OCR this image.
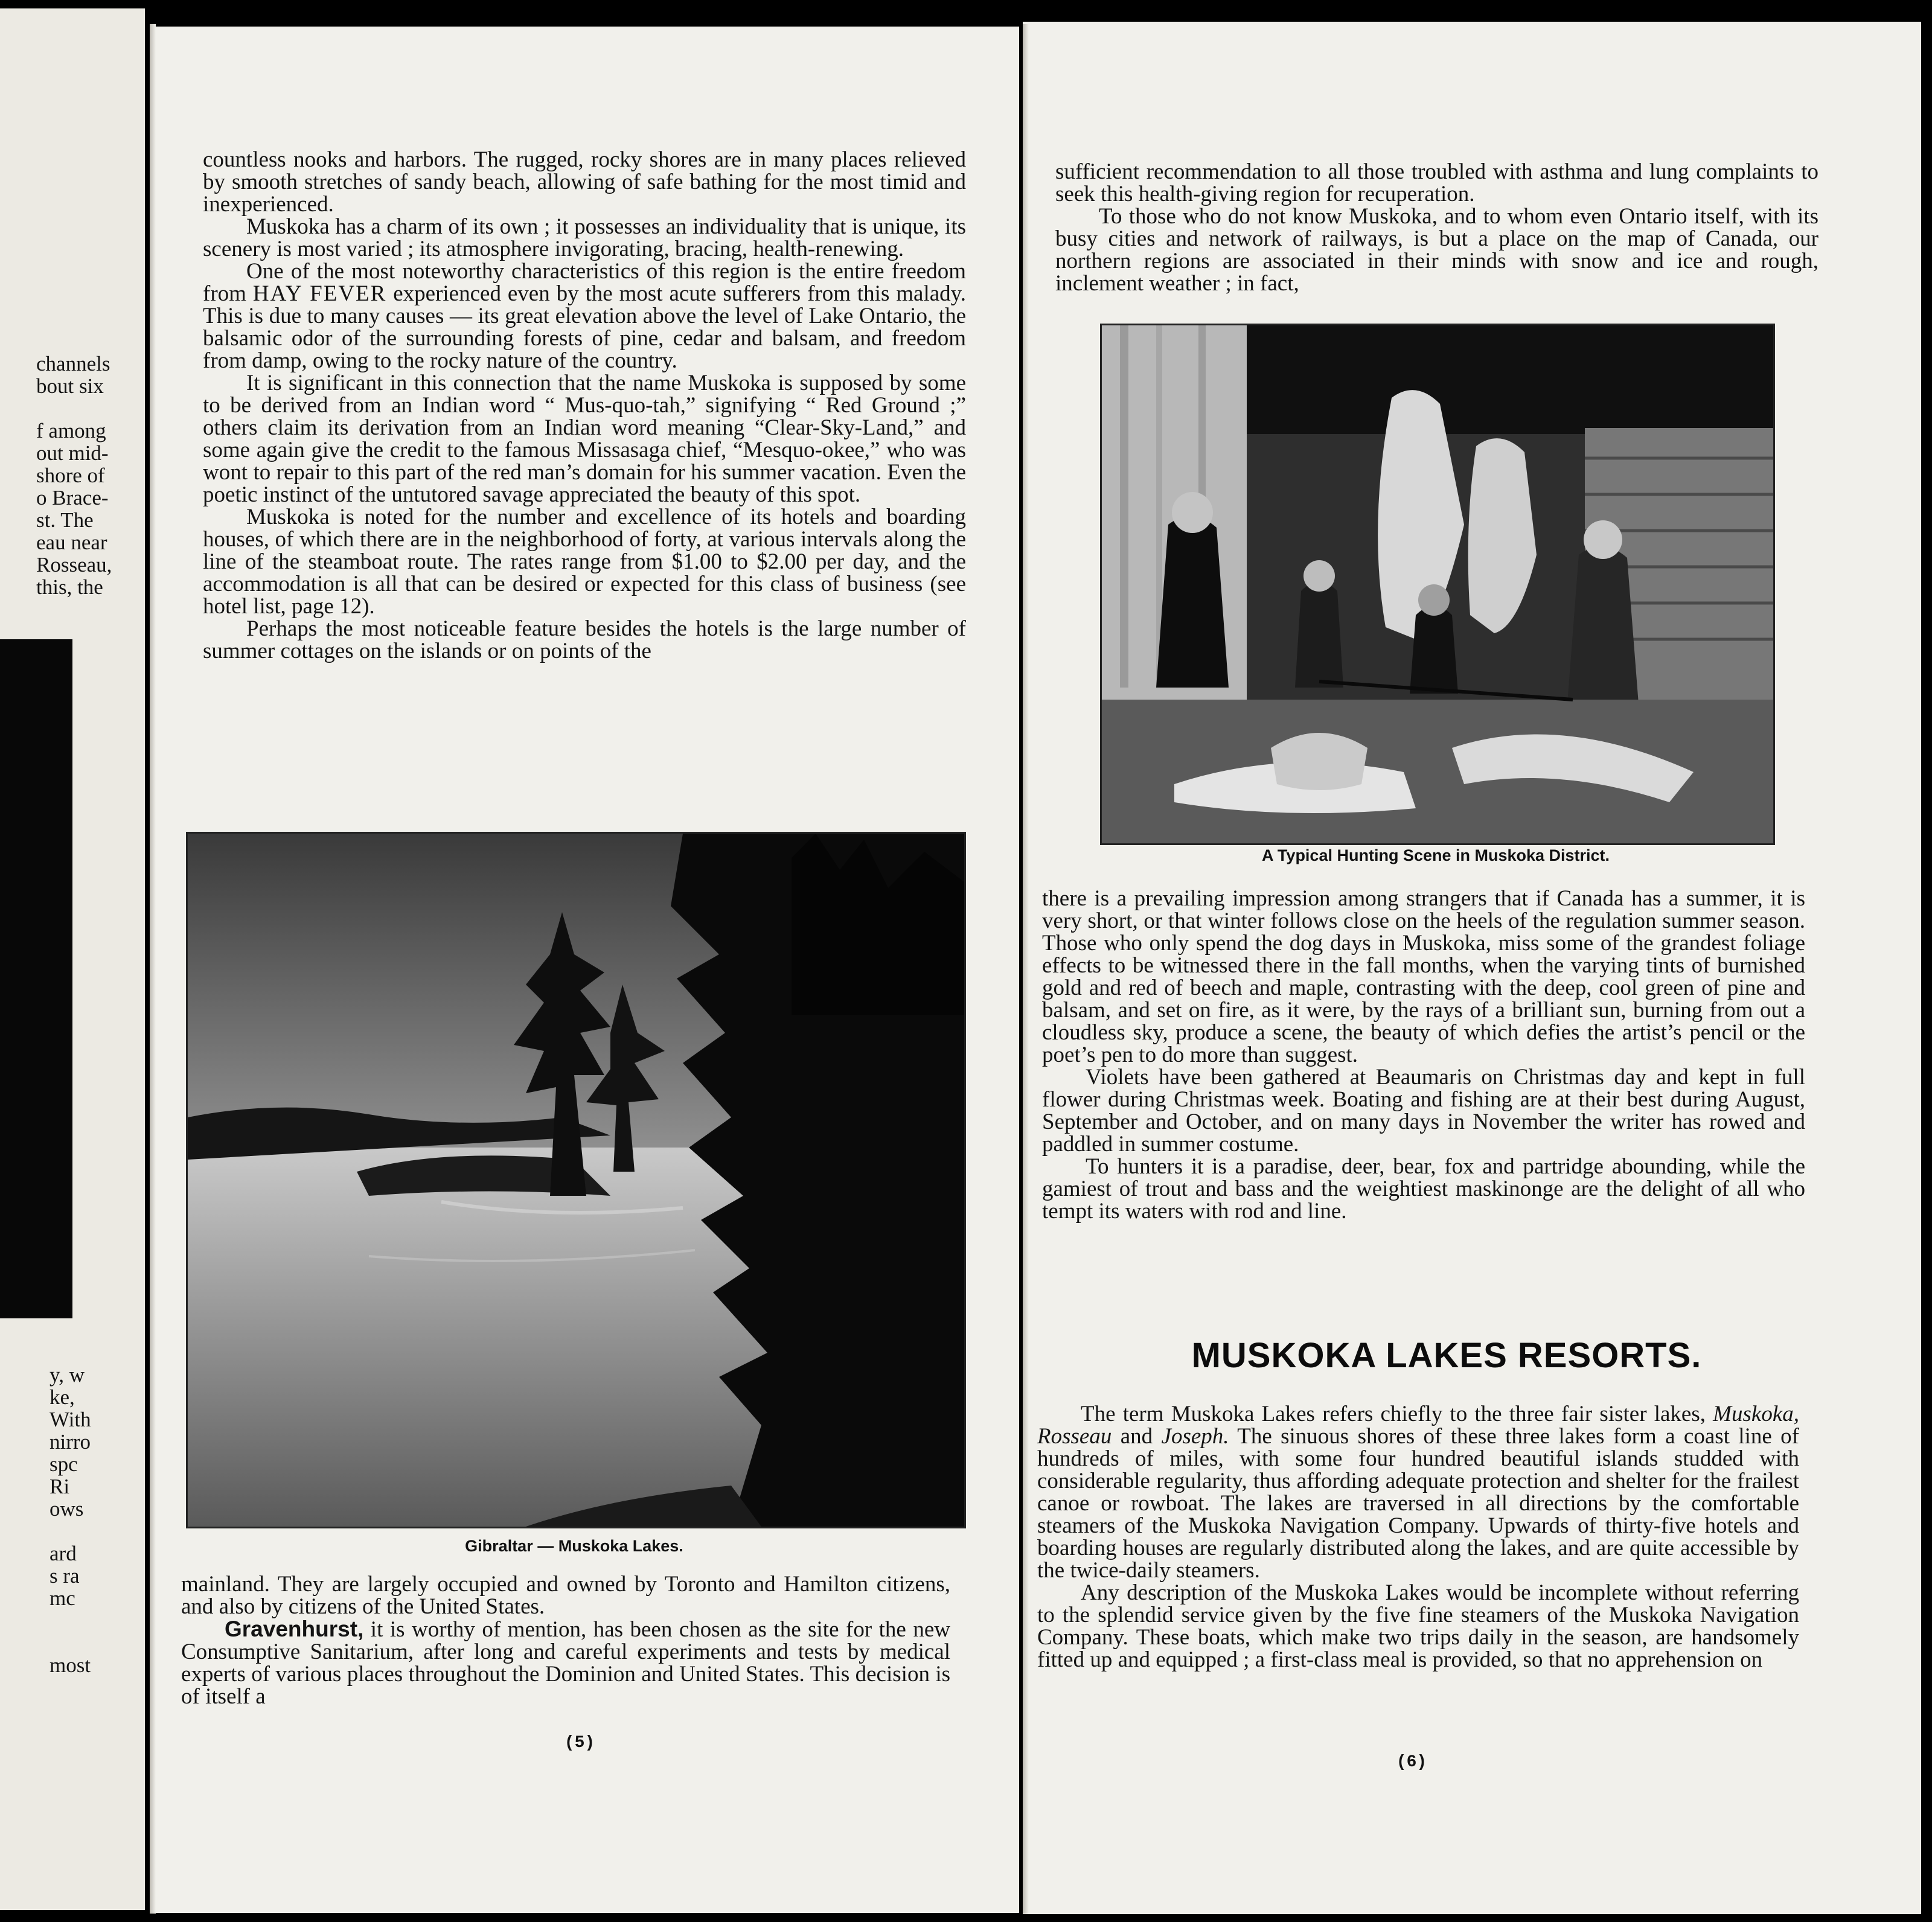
channels
bout six
f among
out mid-
shore of
o Brace-
st. The
eau near
Rosseau,
this, the
y, w
ke,
With
nirro
spc
Ri
ows
ard
s ra
mc
most

countless nooks and harbors. The rugged, rocky shores are in many places relieved by smooth stretches of sandy beach, allowing of safe bathing for the most timid and inexperienced.

Muskoka has a charm of its own ; it possesses an individuality that is unique, its scenery is most varied ; its atmosphere invigorating, bracing, health-renewing.

One of the most noteworthy characteristics of this region is the entire freedom from HAY FEVER experienced even by the most acute sufferers from this malady. This is due to many causes — its great elevation above the level of Lake Ontario, the balsamic odor of the surrounding forests of pine, cedar and balsam, and freedom from damp, owing to the rocky nature of the country.

It is significant in this connection that the name Muskoka is supposed by some to be derived from an Indian word “ Mus-quo-tah,” signifying “ Red Ground ;” others claim its derivation from an Indian word meaning “Clear-Sky-Land,” and some again give the credit to the famous Missasaga chief, “Mesquo-okee,” who was wont to repair to this part of the red man’s domain for his summer vacation. Even the poetic instinct of the untutored savage appreciated the beauty of this spot.

Muskoka is noted for the number and excellence of its hotels and boarding houses, of which there are in the neighborhood of forty, at various intervals along the line of the steamboat route. The rates range from $1.00 to $2.00 per day, and the accommodation is all that can be desired or expected for this class of business (see hotel list, page 12).

Perhaps the most noticeable feature besides the hotels is the large number of summer cottages on the islands or on points of the

Gibraltar — Muskoka Lakes.

mainland. They are largely occupied and owned by Toronto and Hamilton citizens, and also by citizens of the United States.

Gravenhurst, it is worthy of mention, has been chosen as the site for the new Consumptive Sanitarium, after long and careful experiments and tests by medical experts of various places throughout the Dominion and United States. This decision is of itself a

(5)

sufficient recommendation to all those troubled with asthma and lung complaints to seek this health-giving region for recuperation.

To those who do not know Muskoka, and to whom even Ontario itself, with its busy cities and network of railways, is but a place on the map of Canada, our northern regions are associated in their minds with snow and ice and rough, inclement weather ; in fact,

A Typical Hunting Scene in Muskoka District.

there is a prevailing impression among strangers that if Canada has a summer, it is very short, or that winter follows close on the heels of the regulation summer season. Those who only spend the dog days in Muskoka, miss some of the grandest foliage effects to be witnessed there in the fall months, when the varying tints of burnished gold and red of beech and maple, contrasting with the deep, cool green of pine and balsam, and set on fire, as it were, by the rays of a brilliant sun, burning from out a cloudless sky, produce a scene, the beauty of which defies the artist’s pencil or the poet’s pen to do more than suggest.

Violets have been gathered at Beaumaris on Christmas day and kept in full flower during Christmas week. Boating and fishing are at their best during August, September and October, and on many days in November the writer has rowed and paddled in summer costume.

To hunters it is a paradise, deer, bear, fox and partridge abounding, while the gamiest of trout and bass and the weightiest maskinonge are the delight of all who tempt its waters with rod and line.

MUSKOKA LAKES RESORTS.

The term Muskoka Lakes refers chiefly to the three fair sister lakes, Muskoka, Rosseau and Joseph. The sinuous shores of these three lakes form a coast line of hundreds of miles, with some four hundred beautiful islands studded with considerable regularity, thus affording adequate protection and shelter for the frailest canoe or rowboat. The lakes are traversed in all directions by the comfortable steamers of the Muskoka Navigation Company. Upwards of thirty-five hotels and boarding houses are regularly distributed along the lakes, and are quite accessible by the twice-daily steamers.

Any description of the Muskoka Lakes would be incomplete without referring to the splendid service given by the five fine steamers of the Muskoka Navigation Company. These boats, which make two trips daily in the season, are handsomely fitted up and equipped ; a first-class meal is provided, so that no apprehension on

(6)
